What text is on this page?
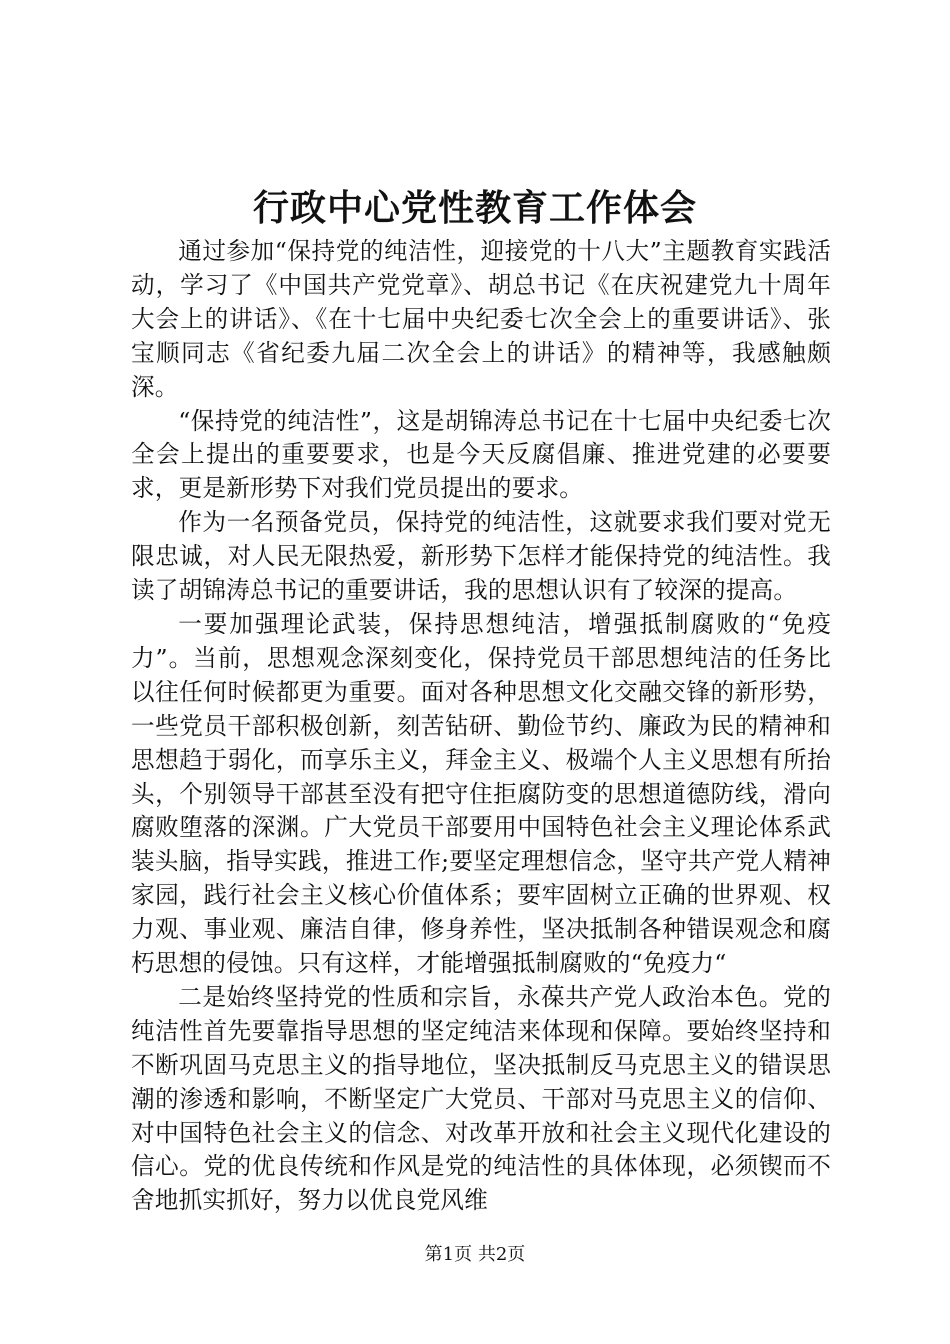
行政中心党性教育工作体会

通过参加“保持党的纯洁性，迎接党的十八大”主题教育实践活动，学习了《中国共产党党章》、胡总书记《在庆祝建党九十周年大会上的讲话》、《在十七届中央纪委七次全会上的重要讲话》、张宝顺同志《省纪委九届二次全会上的讲话》的精神等，我感触颇深。

“保持党的纯洁性”，这是胡锦涛总书记在十七届中央纪委七次全会上提出的重要要求，也是今天反腐倡廉、推进党建的必要要求，更是新形势下对我们党员提出的要求。

作为一名预备党员，保持党的纯洁性，这就要求我们要对党无限忠诚，对人民无限热爱，新形势下怎样才能保持党的纯洁性。我读了胡锦涛总书记的重要讲话，我的思想认识有了较深的提高。

一要加强理论武装，保持思想纯洁，增强抵制腐败的“免疫力”。当前，思想观念深刻变化，保持党员干部思想纯洁的任务比以往任何时候都更为重要。面对各种思想文化交融交锋的新形势，一些党员干部积极创新，刻苦钻研、勤俭节约、廉政为民的精神和思想趋于弱化，而享乐主义，拜金主义、极端个人主义思想有所抬头，个别领导干部甚至没有把守住拒腐防变的思想道德防线，滑向腐败堕落的深渊。广大党员干部要用中国特色社会主义理论体系武装头脑，指导实践，推进工作;要坚定理想信念，坚守共产党人精神家园，践行社会主义核心价值体系；要牢固树立正确的世界观、权力观、事业观、廉洁自律，修身养性，坚决抵制各种错误观念和腐朽思想的侵蚀。只有这样，才能增强抵制腐败的“免疫力“

二是始终坚持党的性质和宗旨，永葆共产党人政治本色。党的纯洁性首先要靠指导思想的坚定纯洁来体现和保障。要始终坚持和不断巩固马克思主义的指导地位，坚决抵制反马克思主义的错误思潮的渗透和影响，不断坚定广大党员、干部对马克思主义的信仰、对中国特色社会主义的信念、对改革开放和社会主义现代化建设的信心。党的优良传统和作风是党的纯洁性的具体体现，必须锲而不舍地抓实抓好，努力以优良党风维

第1页 共2页
